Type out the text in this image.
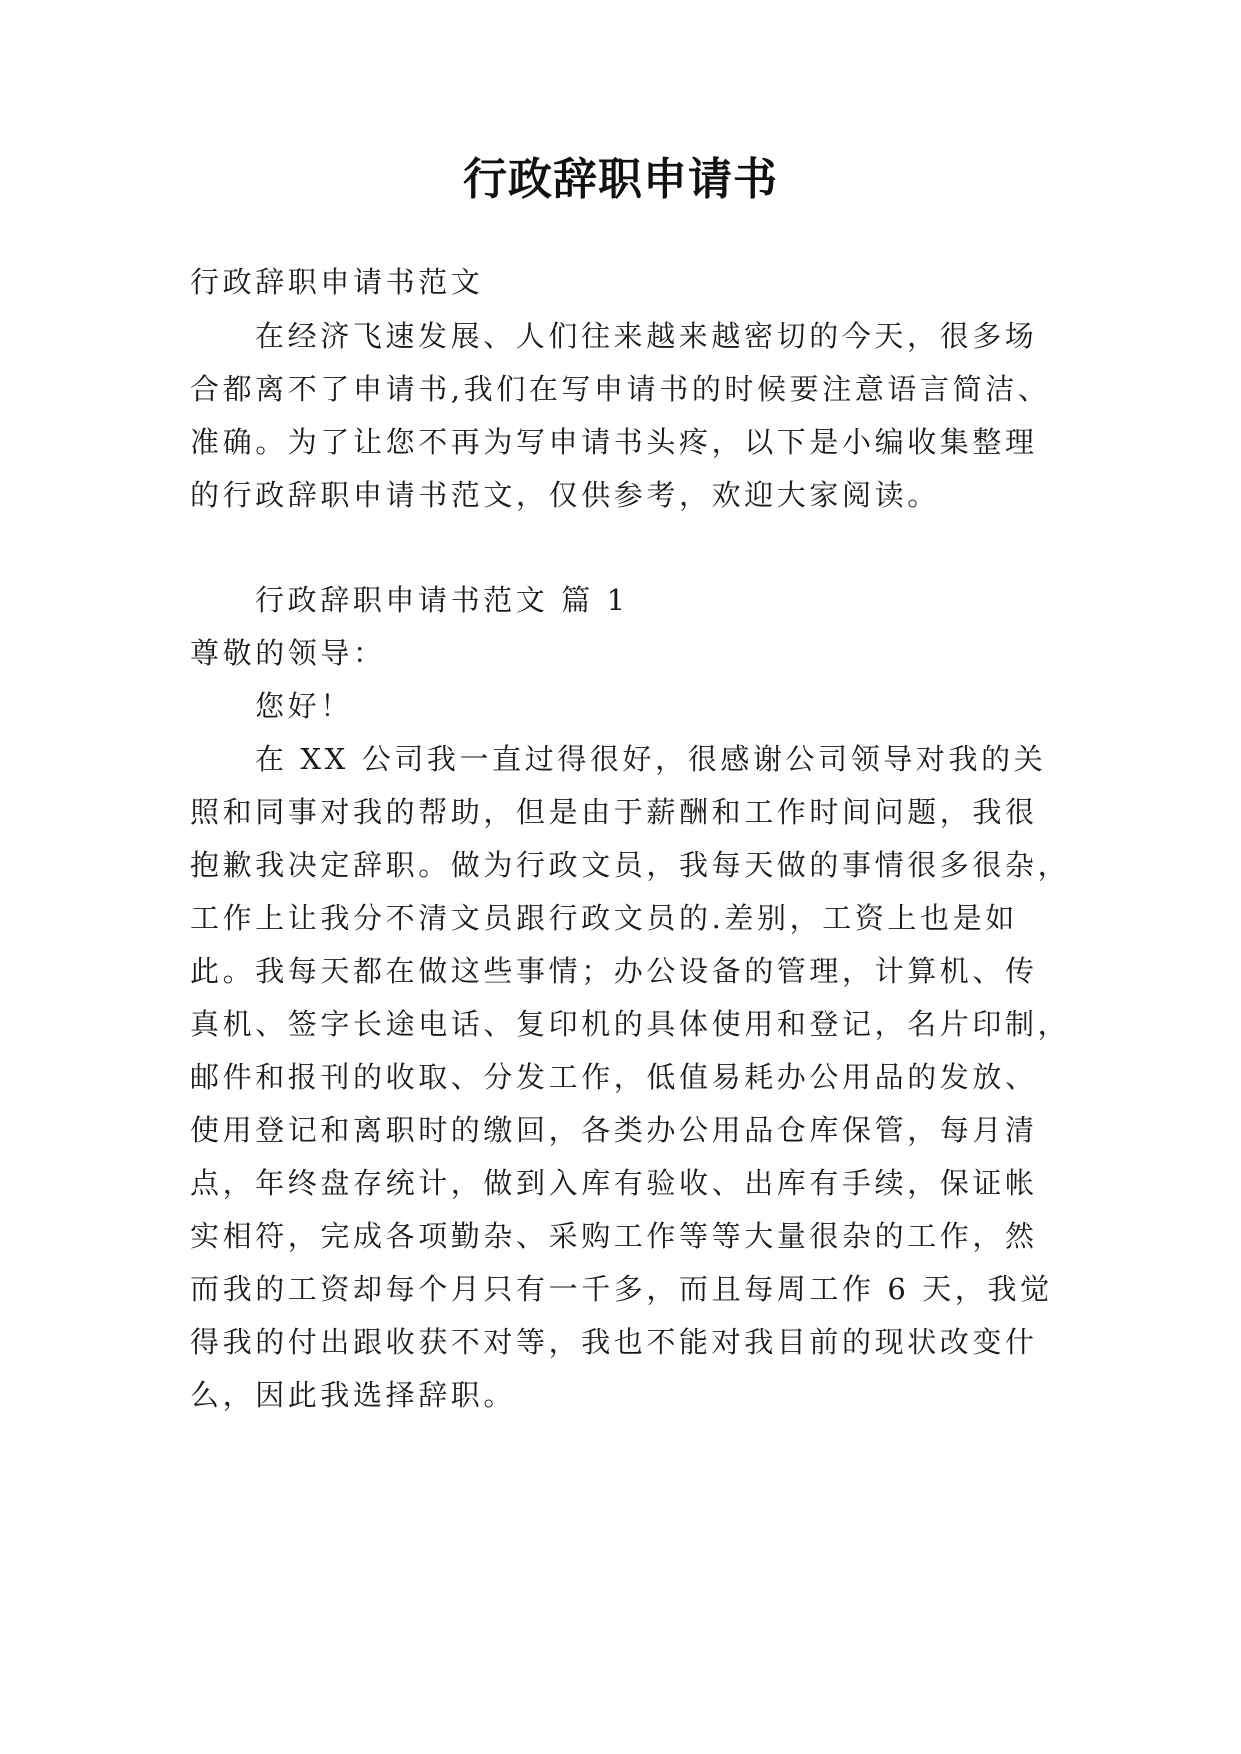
行政辞职申请书
行政辞职申请书范文
在经济飞速发展、人们往来越来越密切的今天，很多场
合都离不了申请书,我们在写申请书的时候要注意语言简洁、
准确。为了让您不再为写申请书头疼，以下是小编收集整理
的行政辞职申请书范文，仅供参考，欢迎大家阅读。
行政辞职申请书范文 篇 1
尊敬的领导：
您好！
在 XX 公司我一直过得很好，很感谢公司领导对我的关
照和同事对我的帮助，但是由于薪酬和工作时间问题，我很
抱歉我决定辞职。做为行政文员，我每天做的事情很多很杂，
工作上让我分不清文员跟行政文员的.差别，工资上也是如
此。我每天都在做这些事情；办公设备的管理，计算机、传
真机、签字长途电话、复印机的具体使用和登记，名片印制，
邮件和报刊的收取、分发工作，低值易耗办公用品的发放、
使用登记和离职时的缴回，各类办公用品仓库保管，每月清
点，年终盘存统计，做到入库有验收、出库有手续，保证帐
实相符，完成各项勤杂、采购工作等等大量很杂的工作，然
而我的工资却每个月只有一千多，而且每周工作 6 天，我觉
得我的付出跟收获不对等，我也不能对我目前的现状改变什
么，因此我选择辞职。
